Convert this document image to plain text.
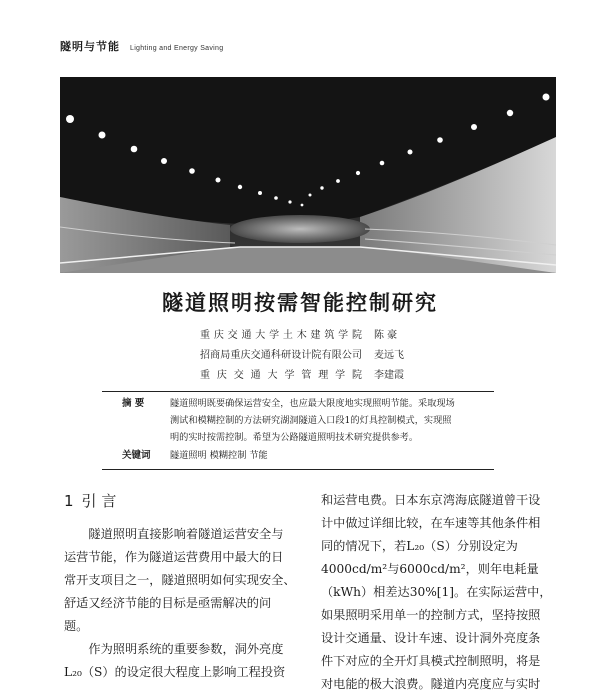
隧明与节能 Lighting and Energy Saving
隧道照明按需智能控制研究
重庆交通大学土木建筑学院 陈 豪
招商局重庆交通科研设计院有限公司 麦远飞
重庆交通大学管理学院 李建霞
摘 要	隧道照明既要确保运营安全，也应最大限度地实现照明节能。采取现场
测试和模糊控制的方法研究湖洞隧道入口段1的灯具控制模式，实现照
明的实时按需控制。希望为公路隧道照明技术研究提供参考。
关键词	隧道照明 模糊控制 节能
1 引 言
隧道照明直接影响着隧道运营安全与
运营节能，作为隧道运营费用中最大的日
常开支项目之一，隧道照明如何实现安全、
舒适又经济节能的目标是亟需解决的问
题。
作为照明系统的重要参数，洞外亮度
L₂₀（S）的设定很大程度上影响工程投资
和运营电费。日本东京湾海底隧道曾干设
计中做过详细比较，在车速等其他条件相
同的情况下，若L₂₀（S）分别设定为
4000cd/m²与6000cd/m²，则年电耗量
（kWh）相差达30%[1]。在实际运营中，
如果照明采用单一的控制方式，坚持按照
设计交通量、设计车速、设计洞外亮度条
件下对应的全开灯具模式控制照明，将是
对电能的极大浪费。隧道内亮度应与实时
